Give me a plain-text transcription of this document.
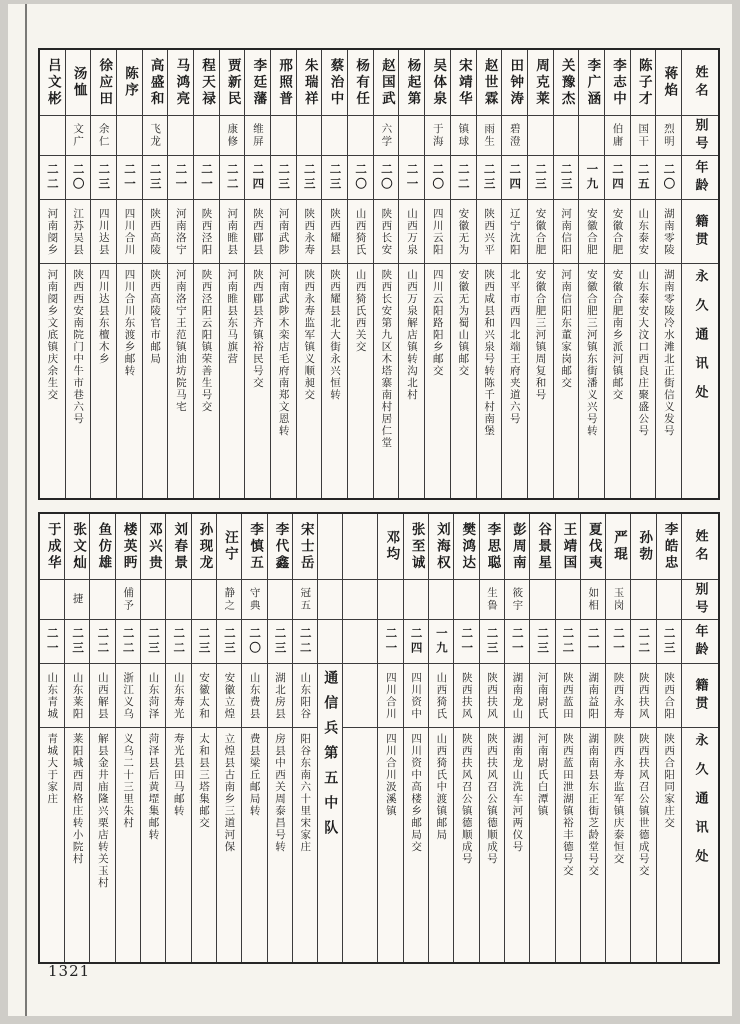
姓名
别号
年龄
籍贯
永久通讯处
蒋焰
烈明
二〇
湖南零陵
湖南零陵冷水滩北正街信义发号
陈子才
国干
二五
山东泰安
山东泰安大汶口西良庄聚盛公号
李志中
伯庸
二四
安徽合肥
安徽合肥南乡派河镇邮交
李广涵
一九
安徽合肥
安徽合肥三河镇东街潘义兴号转
关豫杰
二三
河南信阳
河南信阳东董家岗邮交
周克莱
二三
安徽合肥
安徽合肥三河镇周复和号
田钟涛
碧澄
二四
辽宁沈阳
北平市西四北端王府夹道六号
赵世霖
雨生
二三
陕西兴平
陕西咸县和兴泉号转陈千村南堡
宋靖华
镇球
二二
安徽无为
安徽无为蜀山镇邮交
吴体泉
于海
二〇
四川云阳
四川云阳路阳乡邮交
杨起第
二一
山西万泉
山西万泉解店镇转沟北村
赵国武
六学
二〇
陕西长安
陕西长安第九区木塔寨南村居仁堂
杨有任
二〇
山西猗氏
山西猗氏西关交
蔡治中
二三
陕西耀县
陕西耀县北大街永兴恒转
朱瑞祥
二三
陕西永寿
陕西永寿监军镇义顺昶交
邢照普
二三
河南武陟
河南武陟木栾店毛府南郑文恩转
李廷藩
维屏
二四
陕西郿县
陕西郿县齐镇裕民号交
贾新民
康修
二二
河南睢县
河南睢县东马旗营
程天禄
二一
陕西泾阳
陕西泾阳云阳镇荣善生号交
马鸿亮
二一
河南洛宁
河南洛宁王范镇油坊院马宅
高盛和
飞龙
二三
陕西高陵
陕西高陵官市邮局
陈序
二一
四川合川
四川合川东渡乡邮转
徐应田
余仁
二三
四川达县
四川达县东檀木乡
汤恤
文广
二〇
江苏吴县
陕西西安南院门中牛市巷六号
吕文彬
二二
河南阌乡
河南阌乡文底镇庆余生交
姓名
别号
年龄
籍贯
永久通讯处
李皓忠
二三
陕西合阳
陕西合阳同家庄交
孙勃
二二
陕西扶风
陕西扶风召公镇世德成号交
严琨
玉岗
二一
陕西永寿
陕西永寿监军镇庆泰恒交
夏伐夷
如相
二一
湖南益阳
湖南南县东正街芝龄堂号交
王靖国
二二
陕西蓝田
陕西蓝田泄湖镇裕丰德号交
谷景星
二三
河南尉氏
河南尉氏白潭镇
彭周南
筱宇
二一
湖南龙山
湖南龙山洗车河两仪号
李思聪
生鲁
二三
陕西扶风
陕西扶风召公镇德顺成号
樊鸿达
二一
陕西扶风
陕西扶风召公镇德顺成号
刘海权
一九
山西猗氏
山西猗氏中渡镇邮局
张至诚
二四
四川资中
四川资中高楼乡邮局交
邓均
二一
四川合川
四川合川汲溪镇
通信兵第五中队
宋士岳
冠五
二二
山东阳谷
阳谷东南六十里宋家庄
李代鑫
二三
湖北房县
房县中西关周泰昌号转
李慎五
守典
二〇
山东费县
费县梁丘邮局转
汪宁
静之
二三
安徽立煌
立煌县古南乡三道河保
孙现龙
二三
安徽太和
太和县三塔集邮交
刘春景
二二
山东寿光
寿光县田马邮转
邓兴贵
二三
山东菏泽
菏泽县后黄堽集邮转
楼英眄
俌予
二二
浙江义乌
义乌二十三里朱村
鱼仿雄
二二
山西解县
解县金井庙隆兴栗店转关玉村
张文灿
捷
二三
山东莱阳
莱阳城西周格庄转小院村
于成华
二一
山东青城
青城大于家庄
1321
